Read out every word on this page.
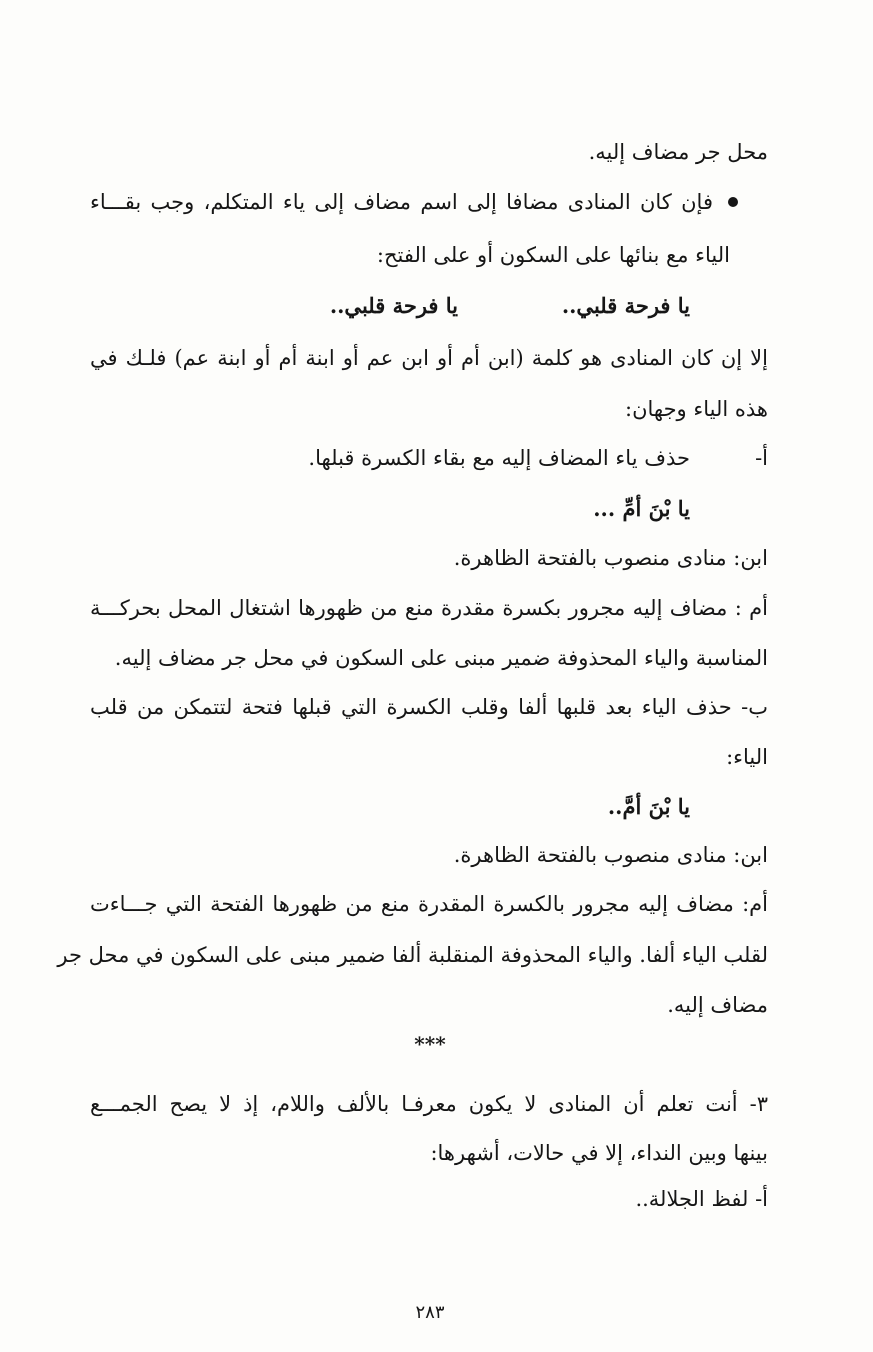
محل جر مضاف إليه.
فإن كان المنادى مضافا إلى اسم مضاف إلى ياء المتكلم، وجب بقـــاء
الياء مع بنائها على السكون أو على الفتح:
يا فرحة قلبي..
يا فرحة قلبي..
إلا إن كان المنادى هو كلمة (ابن أم أو ابن عم أو ابنة أم أو ابنة عم) فلـك في
هذه الياء وجهان:
أ-
حذف ياء المضاف إليه مع بقاء الكسرة قبلها.
يا بْنَ أمِّ ...
ابن: منادى منصوب بالفتحة الظاهرة.
أم : مضاف إليه مجرور بكسرة مقدرة منع من ظهورها اشتغال المحل بحركـــة
المناسبة والياء المحذوفة ضمير مبنى على السكون في محل جر مضاف إليه.
ب- حذف الياء بعد قلبها ألفا وقلب الكسرة التي قبلها فتحة لتتمكن من قلب
الياء:
يا بْنَ أمَّ..
ابن: منادى منصوب بالفتحة الظاهرة.
أم: مضاف إليه مجرور بالكسرة المقدرة منع من ظهورها الفتحة التي جـــاءت
لقلب الياء ألفا. والياء المحذوفة المنقلبة ألفا ضمير مبنى على السكون في محل جر
مضاف إليه.
***
٣- أنت تعلم أن المنادى لا يكون معرفـا بالألف واللام، إذ لا يصح الجمـــع
بينها وبين النداء، إلا في حالات، أشهرها:
أ- لفظ الجلالة..
٢٨٣
